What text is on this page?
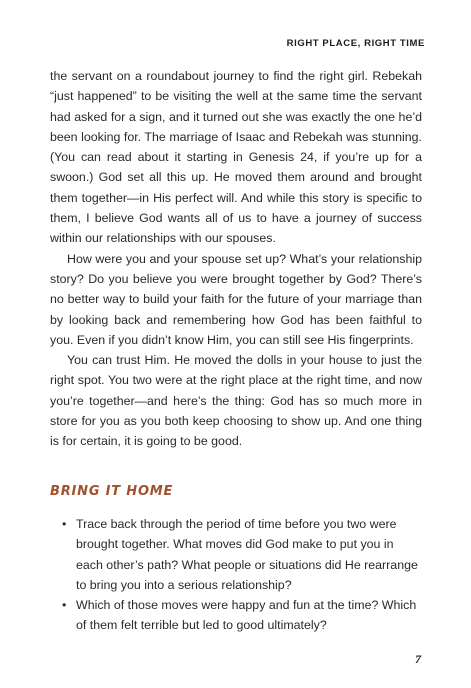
RIGHT PLACE, RIGHT TIME

the servant on a roundabout journey to find the right girl. Rebekah “just happened” to be visiting the well at the same time the servant had asked for a sign, and it turned out she was exactly the one he’d been looking for. The marriage of Isaac and Rebekah was stunning. (You can read about it starting in Genesis 24, if you’re up for a swoon.) God set all this up. He moved them around and brought them together—in His perfect will. And while this story is specific to them, I believe God wants all of us to have a journey of success within our relationships with our spouses.

How were you and your spouse set up? What’s your relationship story? Do you believe you were brought together by God? There’s no better way to build your faith for the future of your marriage than by looking back and remembering how God has been faithful to you. Even if you didn’t know Him, you can still see His fingerprints.

You can trust Him. He moved the dolls in your house to just the right spot. You two were at the right place at the right time, and now you’re together—and here’s the thing: God has so much more in store for you as you both keep choosing to show up. And one thing is for certain, it is going to be good.

BRING IT HOME
• Trace back through the period of time before you two were brought together. What moves did God make to put you in each other’s path? What people or situations did He rearrange to bring you into a serious relationship?
• Which of those moves were happy and fun at the time? Which of them felt terrible but led to good ultimately?
7
